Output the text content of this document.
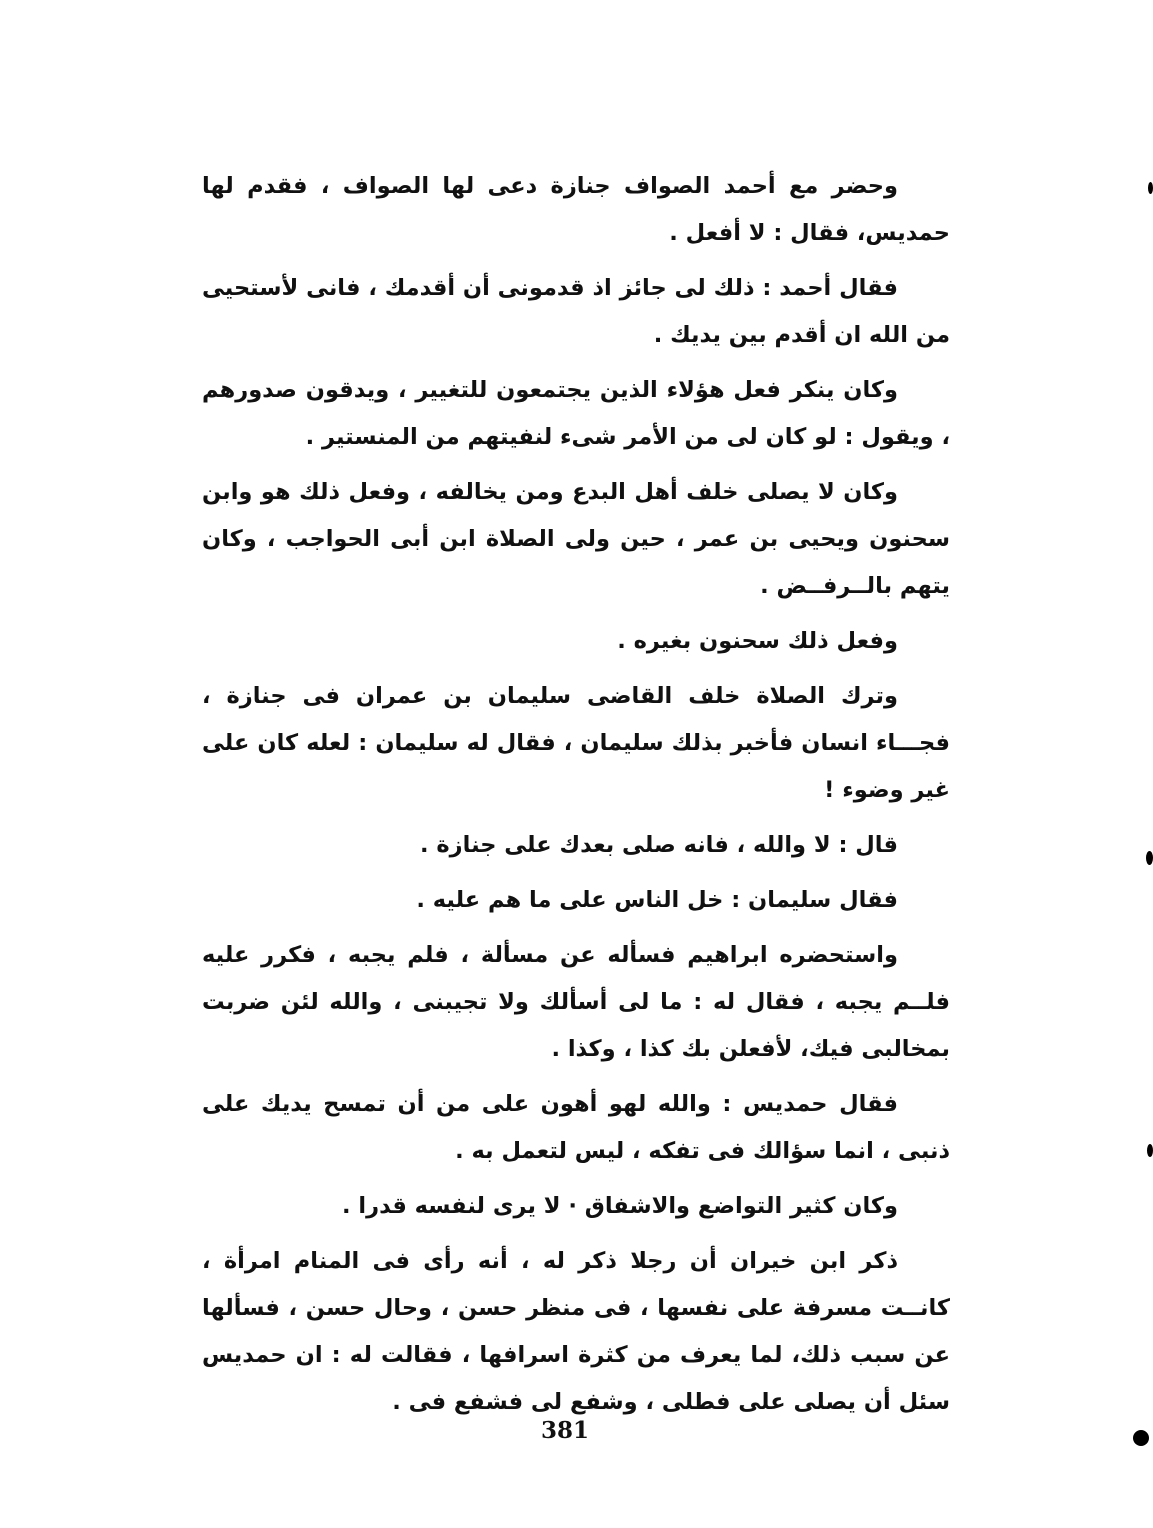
وحضر مع أحمد الصواف جنازة دعى لها الصواف ، فقدم لها حمديس، فقال : لا أفعل .

فقال أحمد : ذلك لى جائز اذ قدمونى أن أقدمك ، فانى لأستحيى من الله ان أقدم بين يديك .

وكان ينكر فعل هؤلاء الذين يجتمعون للتغيير ، ويدقون صدورهم ، ويقول : لو كان لى من الأمر شىء لنفيتهم من المنستير .

وكان لا يصلى خلف أهل البدع ومن يخالفه ، وفعل ذلك هو وابن سحنون ويحيى بن عمر ، حين ولى الصلاة ابن أبى الحواجب ، وكان يتهم بالــرفــض .

وفعل ذلك سحنون بغيره .

وترك الصلاة خلف القاضى سليمان بن عمران فى جنازة ، فجـــاء انسان فأخبر بذلك سليمان ، فقال له سليمان : لعله كان على غير وضوء !

قال : لا والله ، فانه صلى بعدك على جنازة .

فقال سليمان : خل الناس على ما هم عليه .

واستحضره ابراهيم فسأله عن مسألة ، فلم يجبه ، فكرر عليه فلــم يجبه ، فقال له : ما لى أسألك ولا تجيبنى ، والله لئن ضربت بمخالبى فيك، لأفعلن بك كذا ، وكذا .

فقال حمديس : والله لهو أهون على من أن تمسح يديك على ذنبى ، انما سؤالك فى تفكه ، ليس لتعمل به .

وكان كثير التواضع والاشفاق · لا يرى لنفسه قدرا .

ذكر ابن خيران أن رجلا ذكر له ، أنه رأى فى المنام امرأة ، كانــت مسرفة على نفسها ، فى منظر حسن ، وحال حسن ، فسألها عن سبب ذلك، لما يعرف من كثرة اسرافها ، فقالت له : ان حمديس سئل أن يصلى على فطلى ، وشفع لى فشفع فى .

381
